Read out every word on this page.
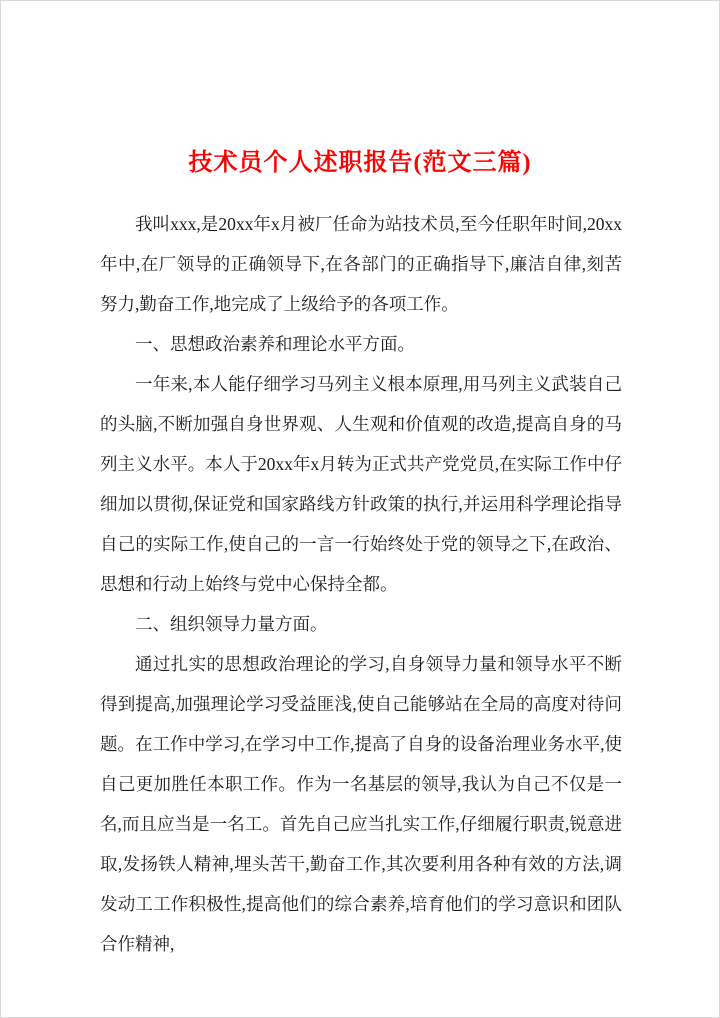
技术员个人述职报告(范文三篇)

我叫xxx,是20xx年x月被厂任命为站技术员,至今任职年时间,20xx年中,在厂领导的正确领导下,在各部门的正确指导下,廉洁自律,刻苦努力,勤奋工作,地完成了上级给予的各项工作。

一、思想政治素养和理论水平方面。

一年来,本人能仔细学习马列主义根本原理,用马列主义武装自己的头脑,不断加强自身世界观、人生观和价值观的改造,提高自身的马列主义水平。本人于20xx年x月转为正式共产党党员,在实际工作中仔细加以贯彻,保证党和国家路线方针政策的执行,并运用科学理论指导自己的实际工作,使自己的一言一行始终处于党的领导之下,在政治、思想和行动上始终与党中心保持全都。

二、组织领导力量方面。

通过扎实的思想政治理论的学习,自身领导力量和领导水平不断得到提高,加强理论学习受益匪浅,使自己能够站在全局的高度对待问题。在工作中学习,在学习中工作,提高了自身的设备治理业务水平,使自己更加胜任本职工作。作为一名基层的领导,我认为自己不仅是一名,而且应当是一名工。首先自己应当扎实工作,仔细履行职责,锐意进取,发扬铁人精神,埋头苦干,勤奋工作,其次要利用各种有效的方法,调发动工工作积极性,提高他们的综合素养,培育他们的学习意识和团队合作精神,
